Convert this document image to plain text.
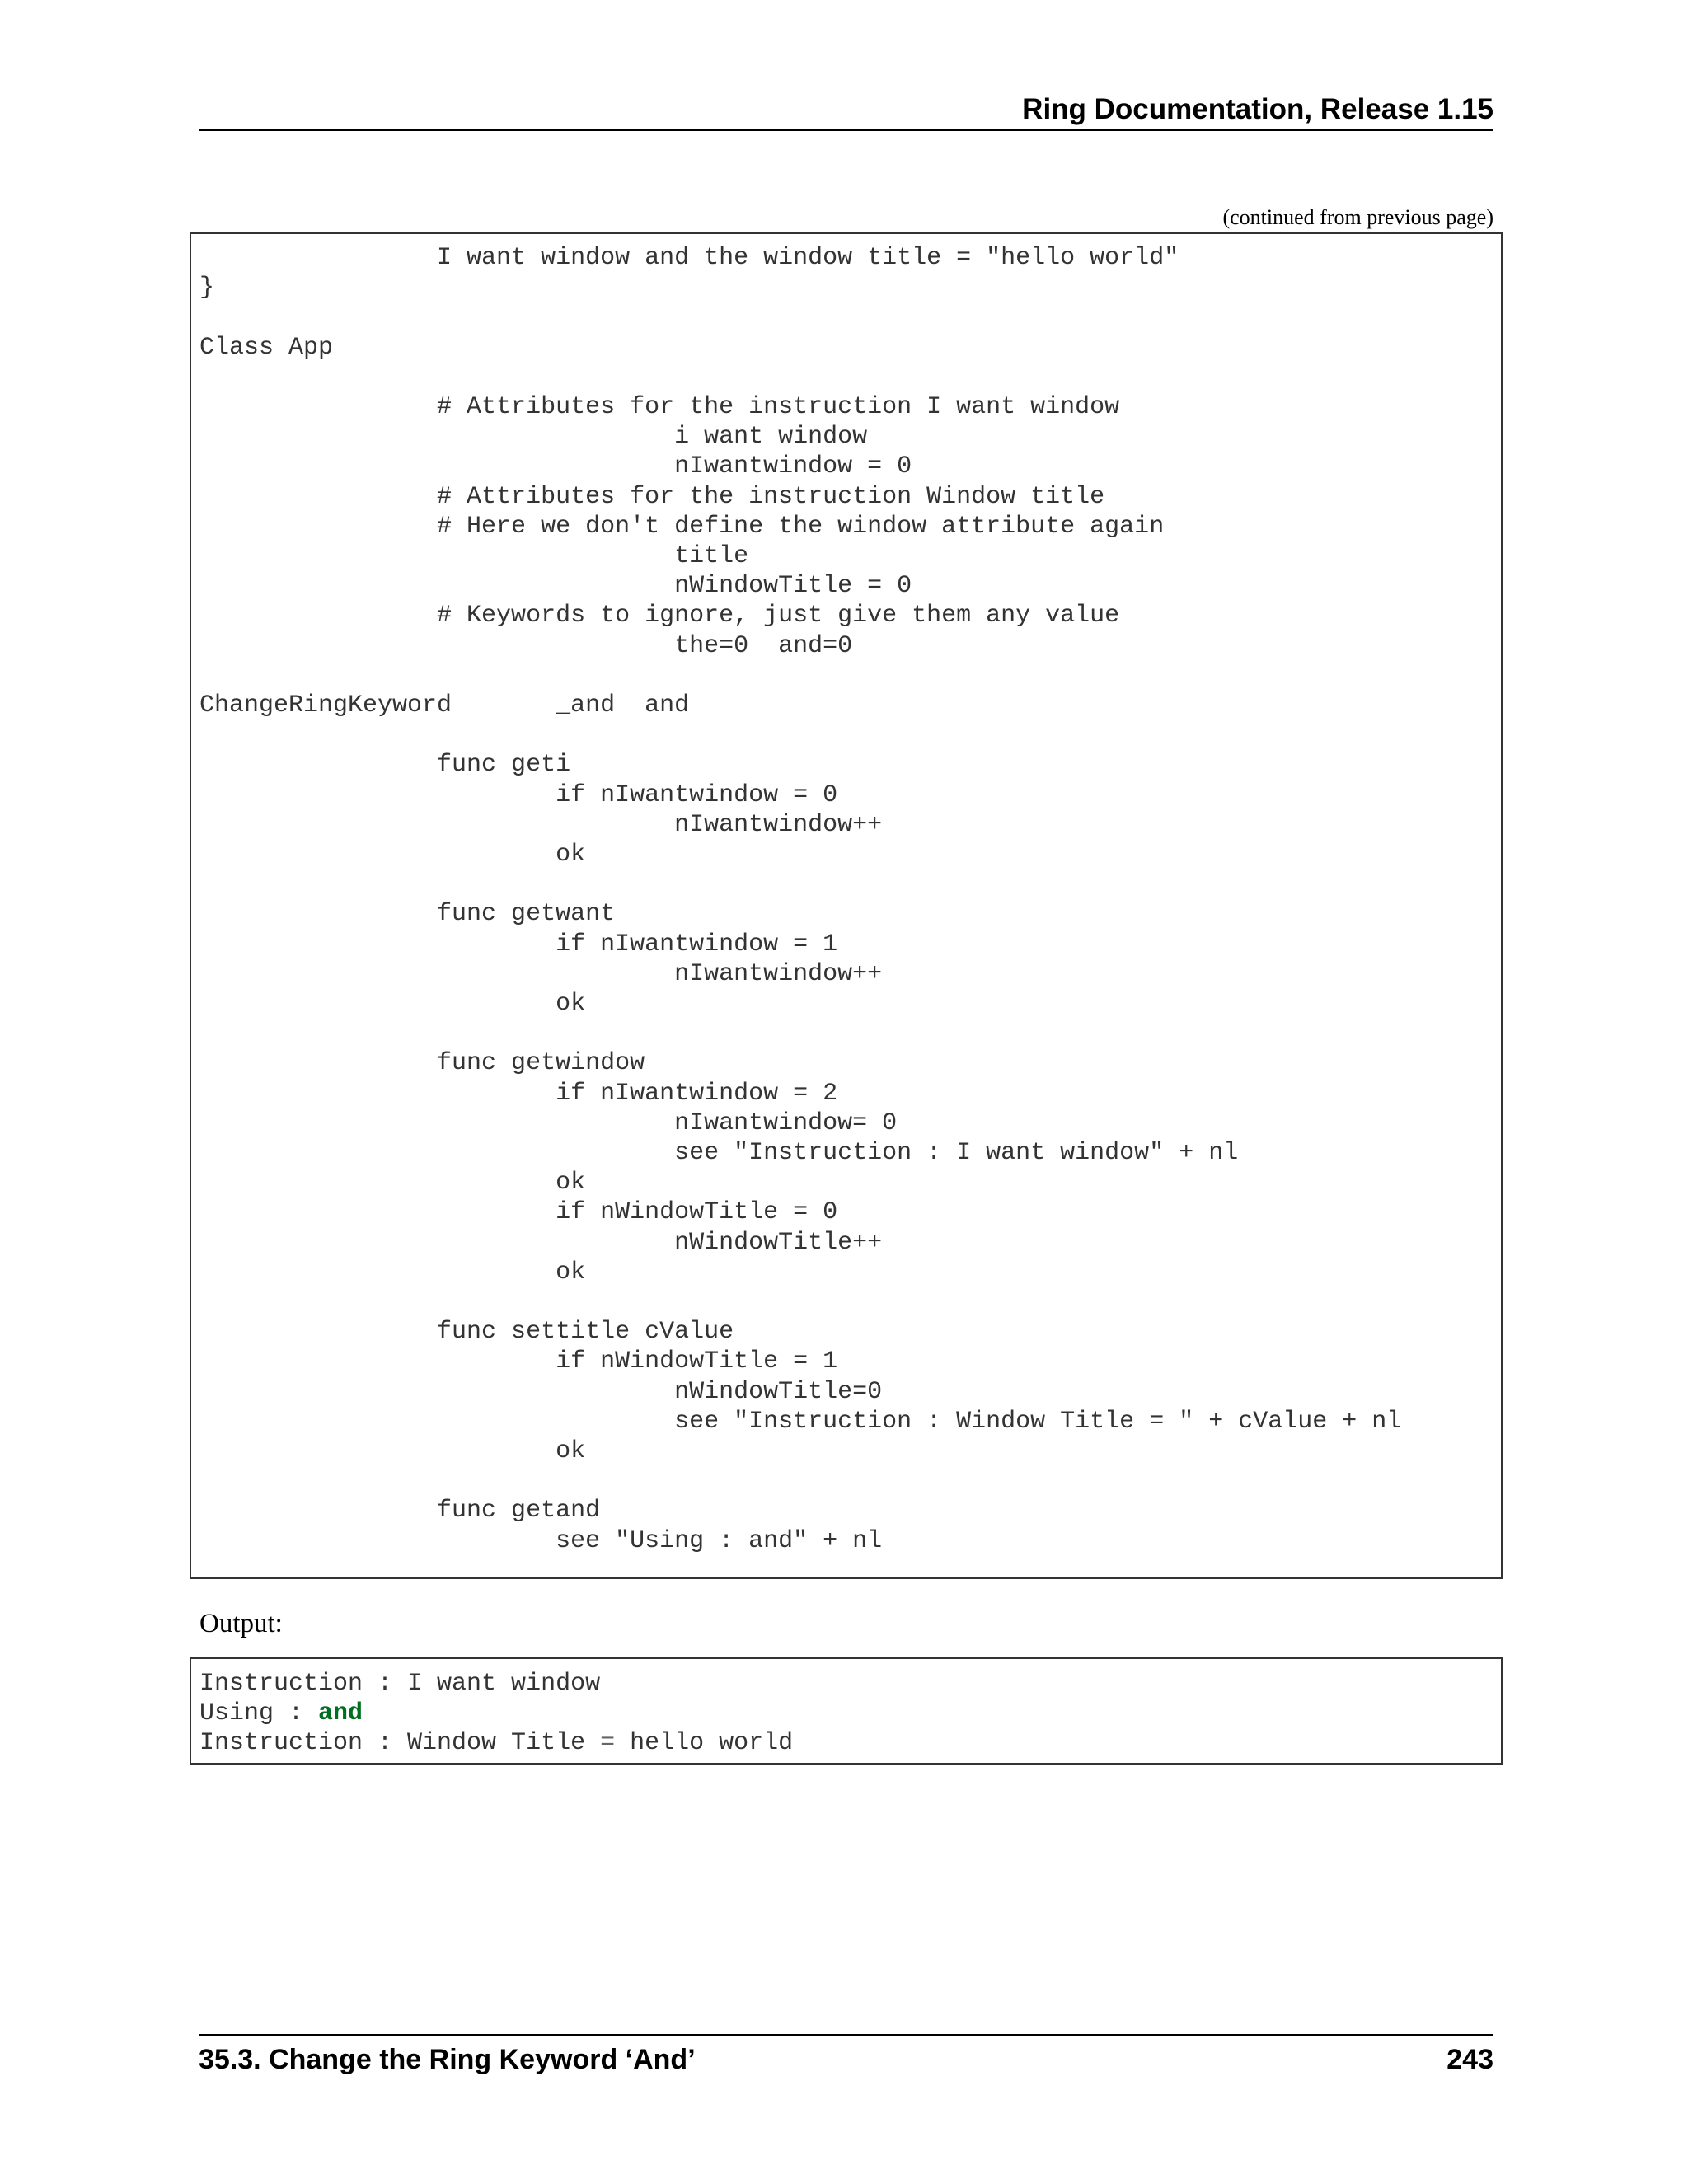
Ring Documentation, Release 1.15
(continued from previous page)
I want window and the window title = "hello world"
}
Class App
# Attributes for the instruction I want window
i want window
nIwantwindow = 0
# Attributes for the instruction Window title
# Here we don't define the window attribute again
title
nWindowTitle = 0
# Keywords to ignore, just give them any value
the=0  and=0
ChangeRingKeyword       _and  and
func geti
if nIwantwindow = 0
nIwantwindow++
ok
func getwant
if nIwantwindow = 1
nIwantwindow++
ok
func getwindow
if nIwantwindow = 2
nIwantwindow= 0
see "Instruction : I want window" + nl
ok
if nWindowTitle = 0
nWindowTitle++
ok
func settitle cValue
if nWindowTitle = 1
nWindowTitle=0
see "Instruction : Window Title = " + cValue + nl
ok
func getand
see "Using : and" + nl
Output:
Instruction : I want window
Using : and
Instruction : Window Title = hello world
35.3. Change the Ring Keyword ‘And’	243
